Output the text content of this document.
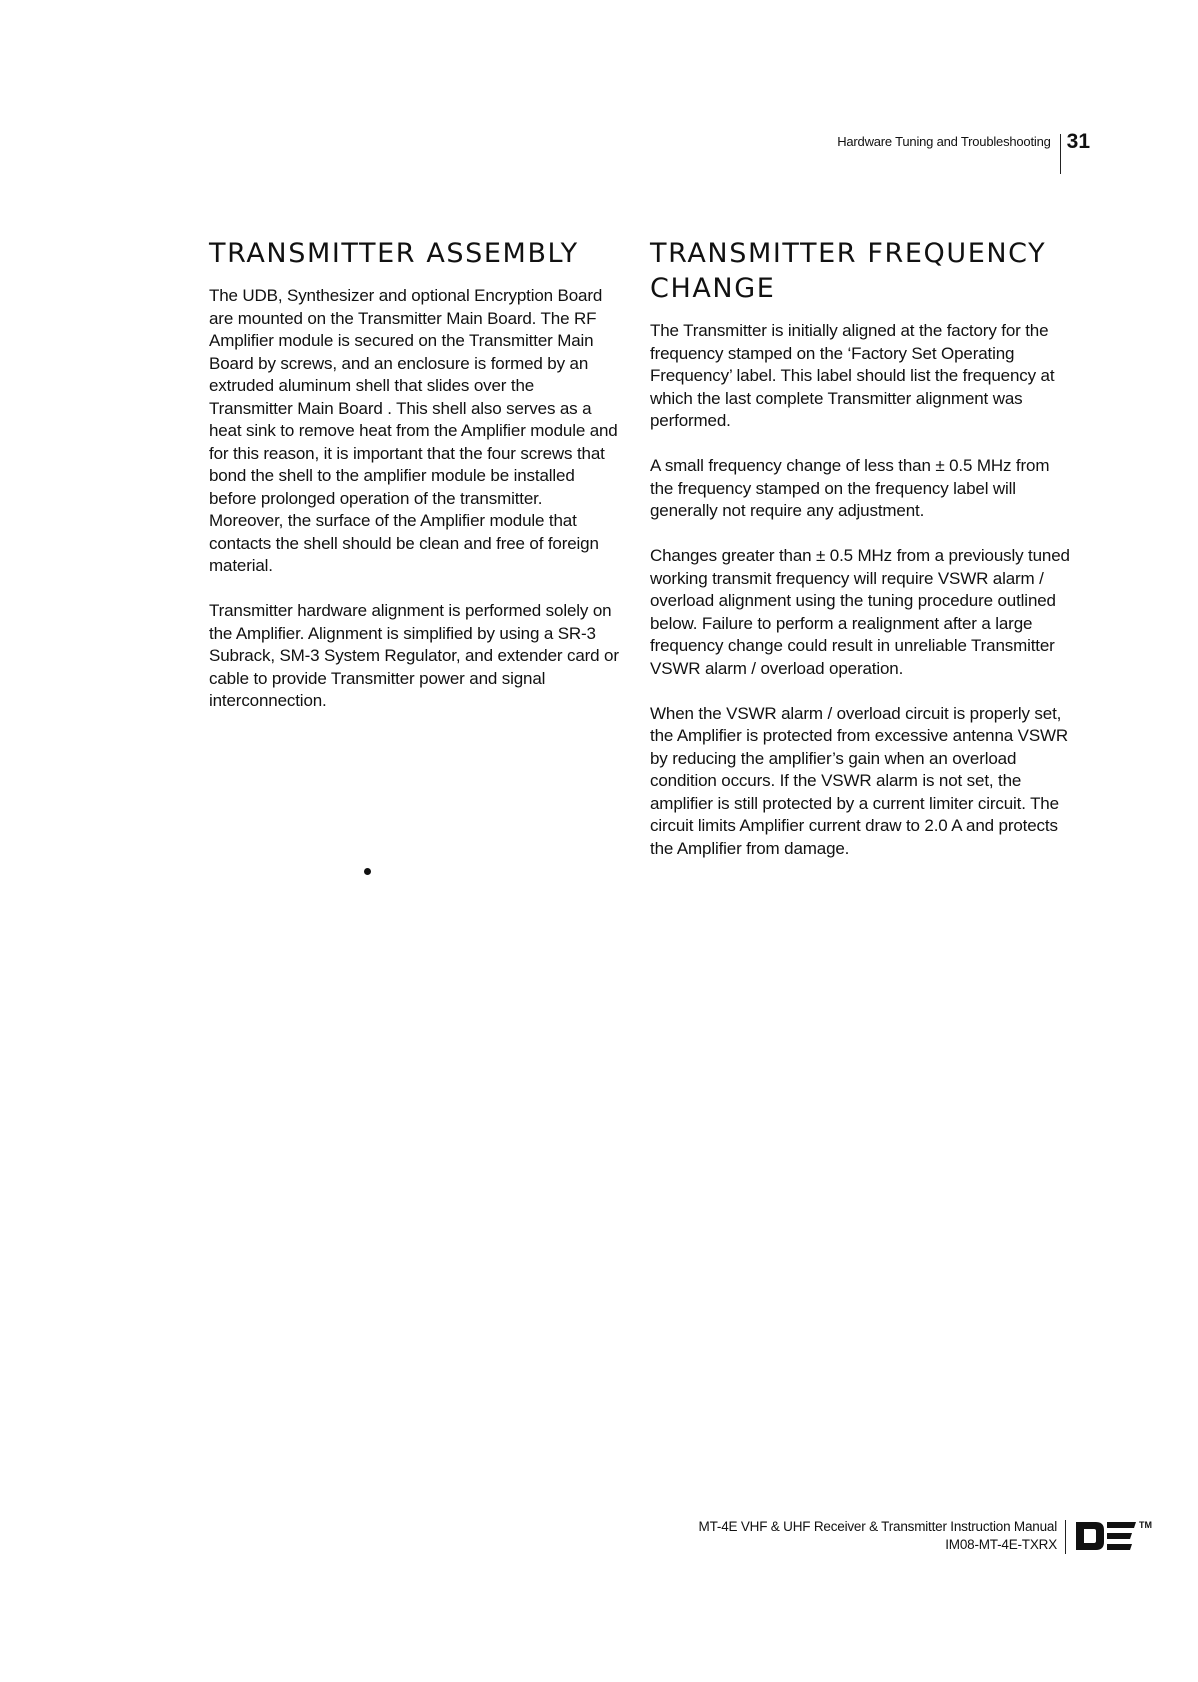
Hardware Tuning and Troubleshooting 31
TRANSMITTER ASSEMBLY

The UDB, Synthesizer and optional Encryption Board are mounted on the Transmitter Main Board. The RF Amplifier module is secured on the Transmitter Main Board by screws, and an enclosure is formed by an extruded aluminum shell that slides over the Transmitter Main Board . This shell also serves as a heat sink to remove heat from the Amplifier module and for this reason, it is important that the four screws that bond the shell to the amplifier module be installed before prolonged operation of the transmitter. Moreover, the surface of the Amplifier module that contacts the shell should be clean and free of foreign material.

Transmitter hardware alignment is performed solely on the Amplifier. Alignment is simplified by using a SR-3 Subrack, SM-3 System Regulator, and extender card or cable to provide Transmitter power and signal interconnection.

TRANSMITTER FREQUENCY
CHANGE

The Transmitter is initially aligned at the factory for the frequency stamped on the ‘Factory Set Operating Frequency’ label. This label should list the frequency at which the last complete Transmitter alignment was performed.

A small frequency change of less than ± 0.5 MHz from the frequency stamped on the frequency label will generally not require any adjustment.

Changes greater than ± 0.5 MHz from a previously tuned working transmit frequency will require VSWR alarm / overload alignment using the tuning procedure outlined below. Failure to perform a realignment after a large frequency change could result in unreliable Transmitter VSWR alarm / overload operation.

When the VSWR alarm / overload circuit is properly set, the Amplifier is protected from excessive antenna VSWR by reducing the amplifier’s gain when an overload condition occurs. If the VSWR alarm is not set, the amplifier is still protected by a current limiter circuit. The circuit limits Amplifier current draw to 2.0 A and protects the Amplifier from damage.

MT-4E VHF & UHF Receiver & Transmitter Instruction Manual
IM08-MT-4E-TXRX
TM
